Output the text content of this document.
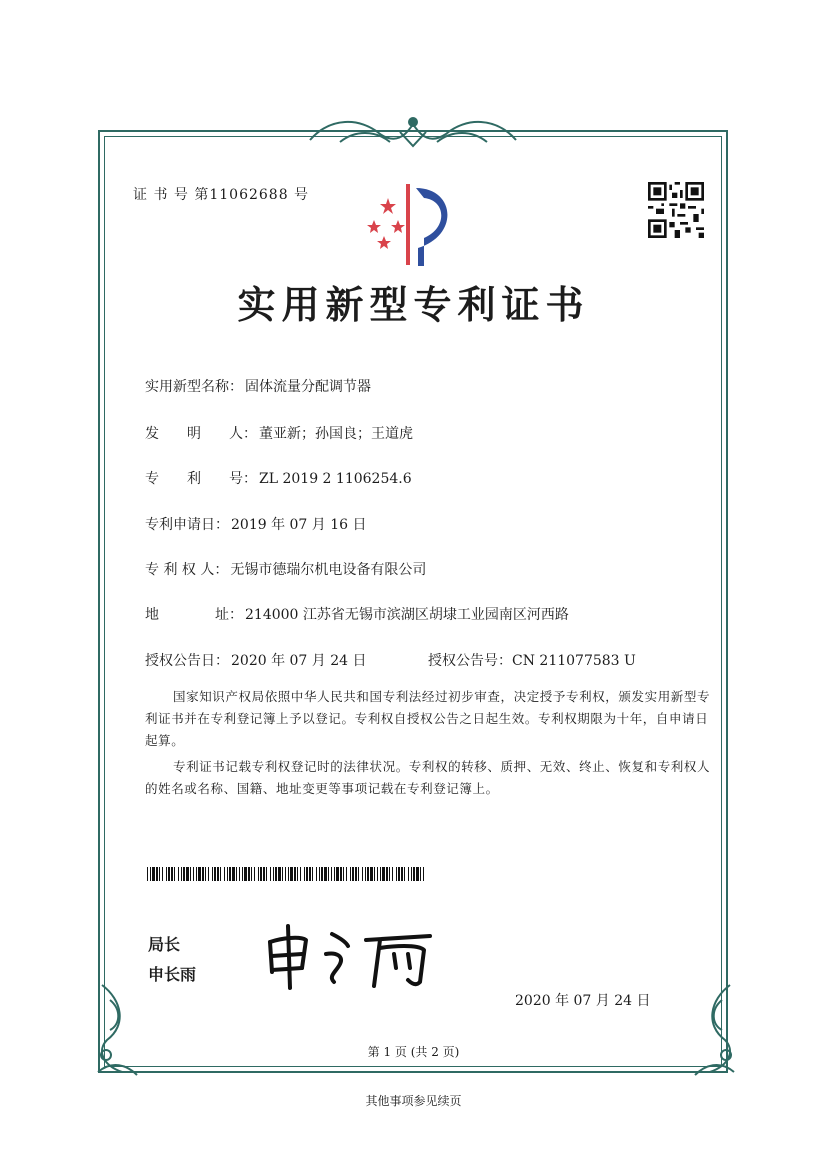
证 书 号 第11062688 号
实用新型专利证书
实用新型名称： 固体流量分配调节器
发　　明　　人： 董亚新；孙国良；王道虎
专　　利　　号： ZL 2019 2 1106254.6
专利申请日： 2019 年 07 月 16 日
专 利 权 人： 无锡市德瑞尔机电设备有限公司
地　　　　址： 214000 江苏省无锡市滨湖区胡埭工业园南区河西路
授权公告日： 2020 年 07 月 24 日	授权公告号：CN 211077583 U
国家知识产权局依照中华人民共和国专利法经过初步审查，决定授予专利权，颁发实用新型专利证书并在专利登记簿上予以登记。专利权自授权公告之日起生效。专利权期限为十年，自申请日起算。
专利证书记载专利权登记时的法律状况。专利权的转移、质押、无效、终止、恢复和专利权人的姓名或名称、国籍、地址变更等事项记载在专利登记簿上。
局长
申长雨
2020 年 07 月 24 日
第 1 页 (共 2 页)
其他事项参见续页
